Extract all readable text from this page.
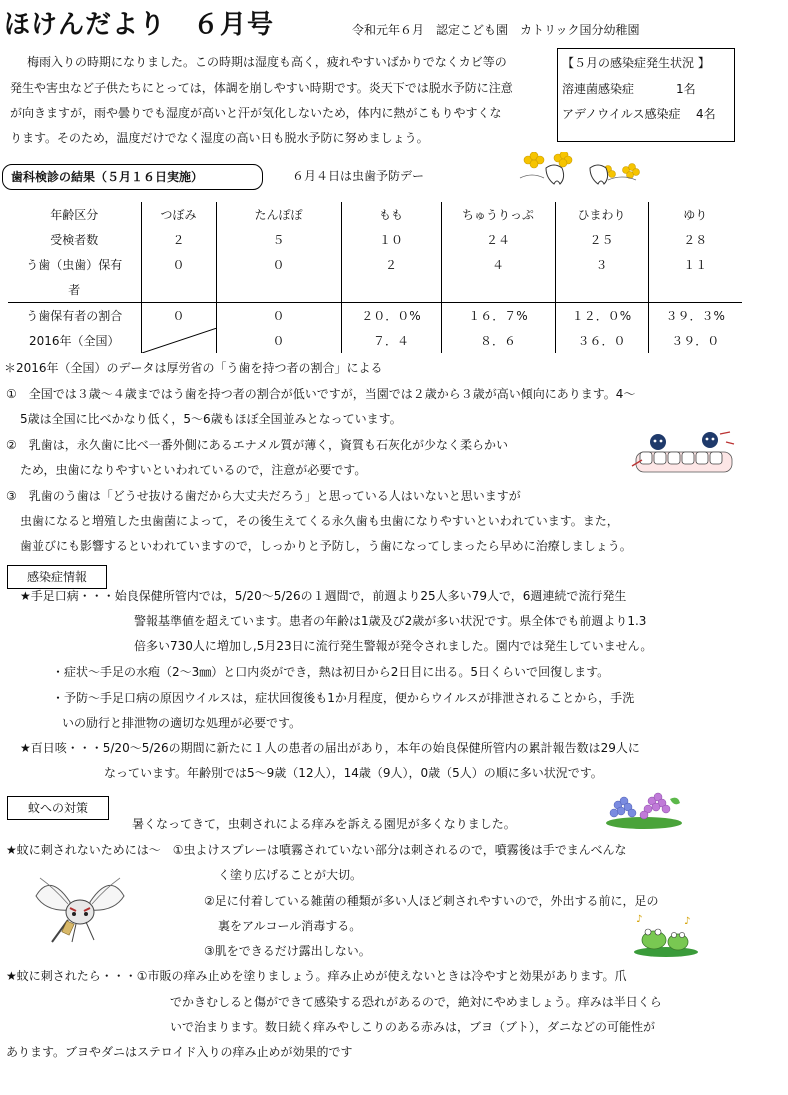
ほけんだより　６月号	令和元年６月　認定こども園　カトリック国分幼稚園
梅雨入りの時期になりました。この時期は湿度も高く，疲れやすいばかりでなくカビ等の
発生や害虫など子供たちにとっては，体調を崩しやすい時期です。炎天下では脱水予防に注意
が向きますが，雨や曇りでも湿度が高いと汗が気化しないため，体内に熱がこもりやすくな
ります。そのため，温度だけでなく湿度の高い日も脱水予防に努めましょう。
【５月の感染症発生状況 】
溶連菌感染症	1名
アデノウイルス感染症 4名
歯科検診の結果（５月１６日実施）	６月４日は虫歯予防デー
年齢区分	つぼみ	たんぽぽ	もも	ちゅうりっぷ	ひまわり	ゆり
受検者数	２	５	１０	２４	２５	２８
う歯（虫歯）保有	０	０	２	４	３	１１
者						
う歯保有者の割合	０	０	２０．０%	１６．７%	１２．０%	３９．３%
2016年（全国）		０	７．４	８．６	３６．０	３９．０
＊2016年（全国）のデータは厚労省の「う歯を持つ者の割合」による
①　全国では３歳～４歳まではう歯を持つ者の割合が低いですが，当園では２歳から３歳が高い傾向にあります。4～
5歳は全国に比べかなり低く，5～6歳もほぼ全国並みとなっています。
②　乳歯は，永久歯に比べ一番外側にあるエナメル質が薄く，資質も石灰化が少なく柔らかい
ため，虫歯になりやすいといわれているので，注意が必要です。
③　乳歯のう歯は「どうせ抜ける歯だから大丈夫だろう」と思っている人はいないと思いますが
虫歯になると増殖した虫歯菌によって，その後生えてくる永久歯も虫歯になりやすいといわれています。また，
歯並びにも影響するといわれていますので，しっかりと予防し，う歯になってしまったら早めに治療しましょう。
感染症情報
★手足口病・・・始良保健所管内では，5/20～5/26の１週間で，前週より25人多い79人で，6週連続で流行発生
警報基準値を超えています。患者の年齢は1歳及び2歳が多い状況です。県全体でも前週より1.3
倍多い730人に増加し,5月23日に流行発生警報が発令されました。園内では発生していません。
・症状～手足の水疱（2～3㎜）と口内炎ができ，熱は初日から2日目に出る。5日くらいで回復します。
・予防～手足口病の原因ウイルスは，症状回復後も1か月程度，便からウイルスが排泄されることから，手洗
いの励行と排泄物の適切な処理が必要です。
★百日咳・・・5/20～5/26の期間に新たに１人の患者の届出があり，本年の始良保健所管内の累計報告数は29人に
なっています。年齢別では5～9歳（12人），14歳（9人），0歳（5人）の順に多い状況です。
蚊への対策
暑くなってきて，虫刺されによる痒みを訴える園児が多くなりました。
★蚊に刺されないためには～　①虫よけスプレーは噴霧されていない部分は刺されるので，噴霧後は手でまんべんな
く塗り広げることが大切。
②足に付着している雑菌の種類が多い人ほど刺されやすいので，外出する前に，足の
裏をアルコール消毒する。
③肌をできるだけ露出しない。
♪	♪
★蚊に刺されたら・・・①市販の痒み止めを塗りましょう。痒み止めが使えないときは冷やすと効果があります。爪
でかきむしると傷ができて感染する恐れがあるので，絶対にやめましょう。痒みは半日くら
いで治まります。数日続く痒みやしこりのある赤みは，ブヨ（ブト），ダニなどの可能性が
あります。ブヨやダニはステロイド入りの痒み止めが効果的です
